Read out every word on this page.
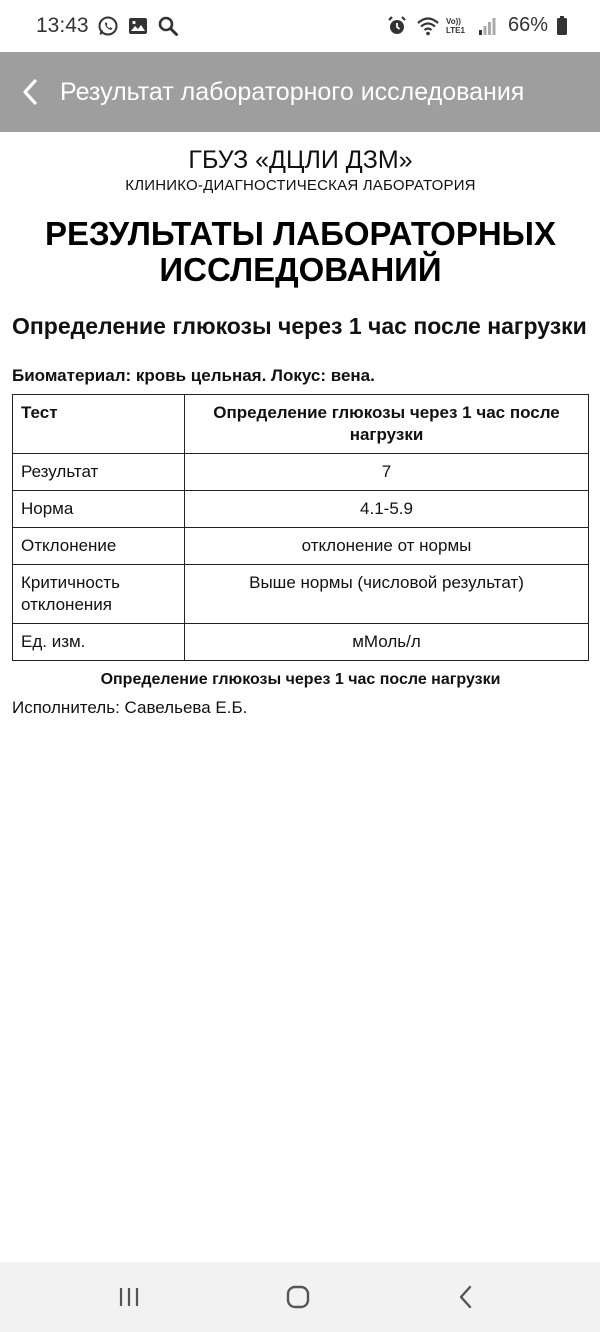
13:43	Vo)) LTE1 66%
Результат лабораторного исследования
ГБУЗ «ДЦЛИ ДЗМ»
КЛИНИКО-ДИАГНОСТИЧЕСКАЯ ЛАБОРАТОРИЯ
РЕЗУЛЬТАТЫ ЛАБОРАТОРНЫХ ИССЛЕДОВАНИЙ
Определение глюкозы через 1 час после нагрузки
Биоматериал: кровь цельная. Локус: вена.
Тест	Определение глюкозы через 1 час после нагрузки
Результат	7
Норма	4.1-5.9
Отклонение	отклонение от нормы
Критичность отклонения	Выше нормы (числовой результат)
Ед. изм.	мМоль/л
Определение глюкозы через 1 час после нагрузки
Исполнитель: Савельева Е.Б.
